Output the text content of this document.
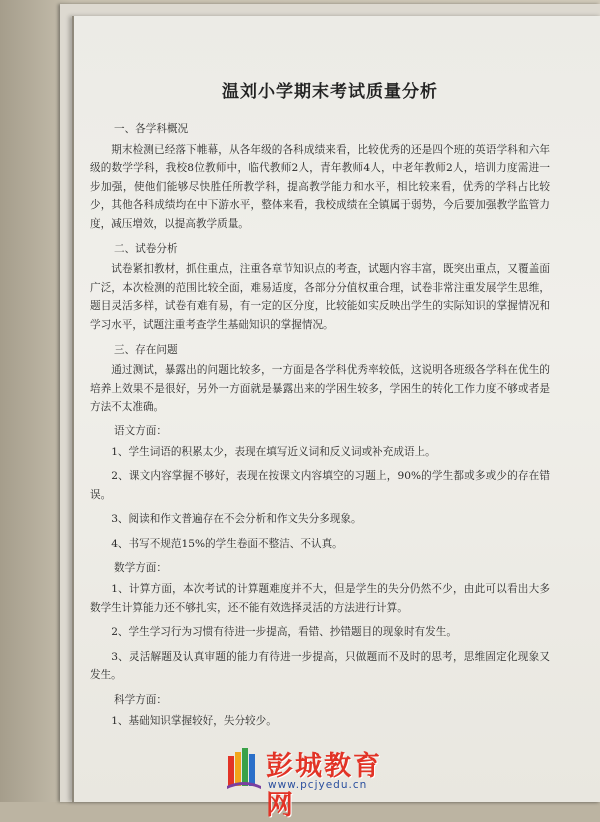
温刘小学期末考试质量分析
一、各学科概况

期末检测已经落下帷幕，从各年级的各科成绩来看，比较优秀的还是四个班的英语学科和六年级的数学学科，我校8位教师中，临代教师2人，青年教师4人，中老年教师2人，培训力度需进一步加强，使他们能够尽快胜任所教学科，提高教学能力和水平，相比较来看，优秀的学科占比较少，其他各科成绩均在中下游水平，整体来看，我校成绩在全镇属于弱势，今后要加强教学监管力度，减压增效，以提高教学质量。

二、试卷分析

试卷紧扣教材，抓住重点，注重各章节知识点的考查，试题内容丰富，既突出重点，又覆盖面广泛，本次检测的范围比较全面，难易适度，各部分分值权重合理，试卷非常注重发展学生思维，题目灵活多样，试卷有难有易，有一定的区分度，比较能如实反映出学生的实际知识的掌握情况和学习水平，试题注重考查学生基础知识的掌握情况。

三、存在问题

通过测试，暴露出的问题比较多，一方面是各学科优秀率较低，这说明各班级各学科在优生的培养上效果不是很好，另外一方面就是暴露出来的学困生较多，学困生的转化工作力度不够或者是方法不太准确。

语文方面：

1、学生词语的积累太少，表现在填写近义词和反义词或补充成语上。

2、课文内容掌握不够好，表现在按课文内容填空的习题上，90%的学生都或多或少的存在错误。

3、阅读和作文普遍存在不会分析和作文失分多现象。

4、书写不规范15%的学生卷面不整洁、不认真。

数学方面：

1、计算方面，本次考试的计算题难度并不大，但是学生的失分仍然不少，由此可以看出大多数学生计算能力还不够扎实，还不能有效选择灵活的方法进行计算。

2、学生学习行为习惯有待进一步提高，看错、抄错题目的现象时有发生。

3、灵活解题及认真审题的能力有待进一步提高，只做题而不及时的思考，思维固定化现象又发生。

科学方面：

1、基础知识掌握较好，失分较少。

彭城教育网
www.pcjyedu.cn
